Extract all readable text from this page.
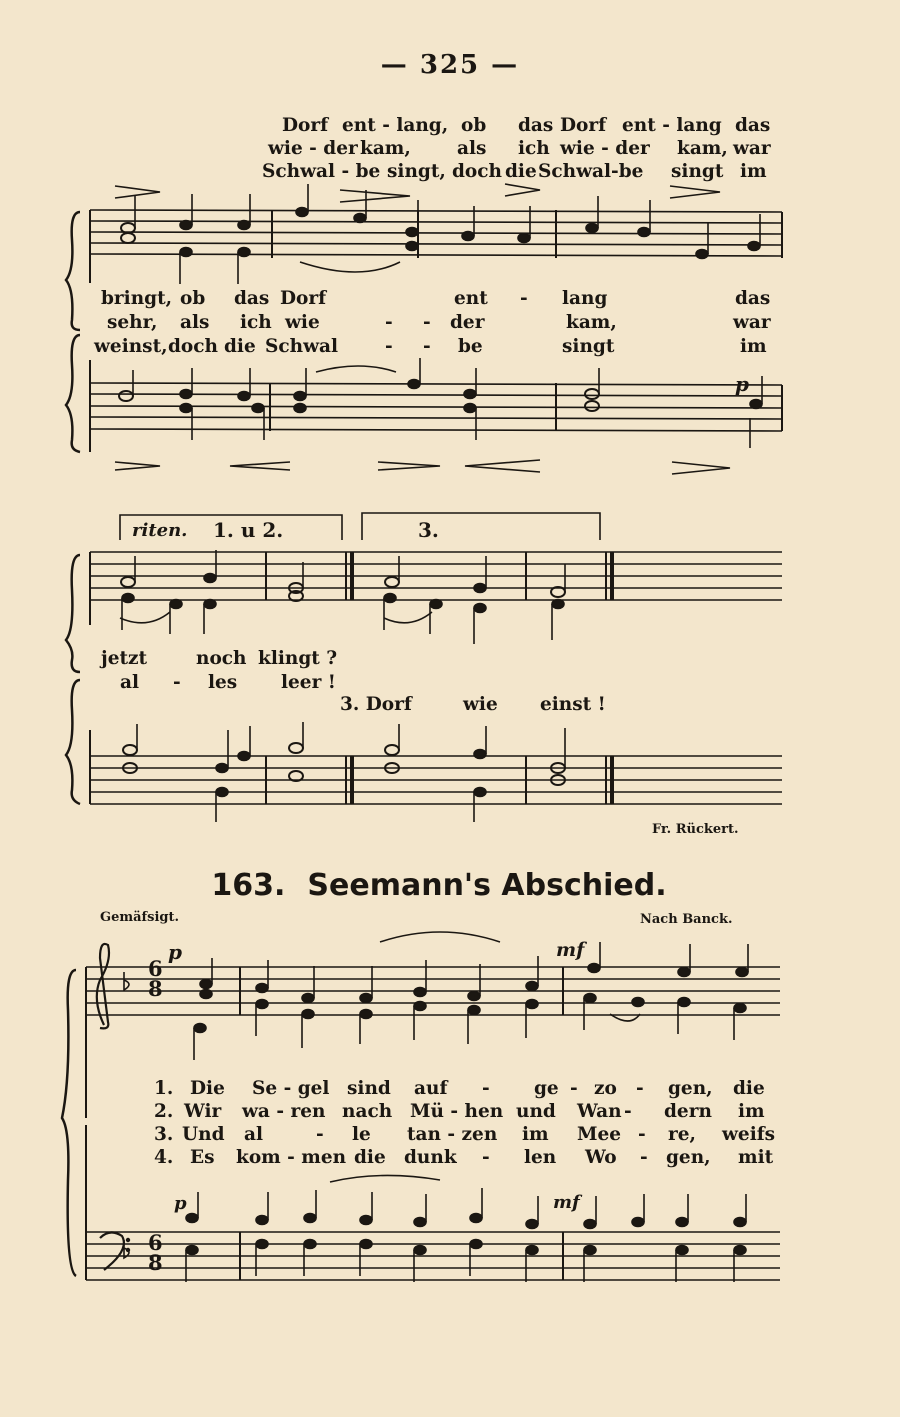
— 325 —
Dorf ent - lang, ob das Dorf ent - lang das
wie - der kam, als ich wie - der kam, war
Schwal - be singt, doch die Schwal-be singt im
bringt, ob das Dorf	ent - lang	das
sehr, als ich wie	- - der	kam,	war
weinst, doch die Schwal	- - be	singt	im
p
riten. 1. u 2.	3.
jetzt	noch klingt ?
al - les leer !
3. Dorf	wie einst !
Fr. Rückert.
163. Seemann's Abschied.
Gemäfsigt.	Nach Banck.
p	mf
p	mf
6
8
6
8
1. Die Se - gel sind auf - ge - zo - gen, die
2. Wir wa - ren nach Mü - hen und Wan - dern im
3. Und al	- le tan - zen im Mee - re, weifs
4. Es kom - men die dunk - len Wo - gen, mit
